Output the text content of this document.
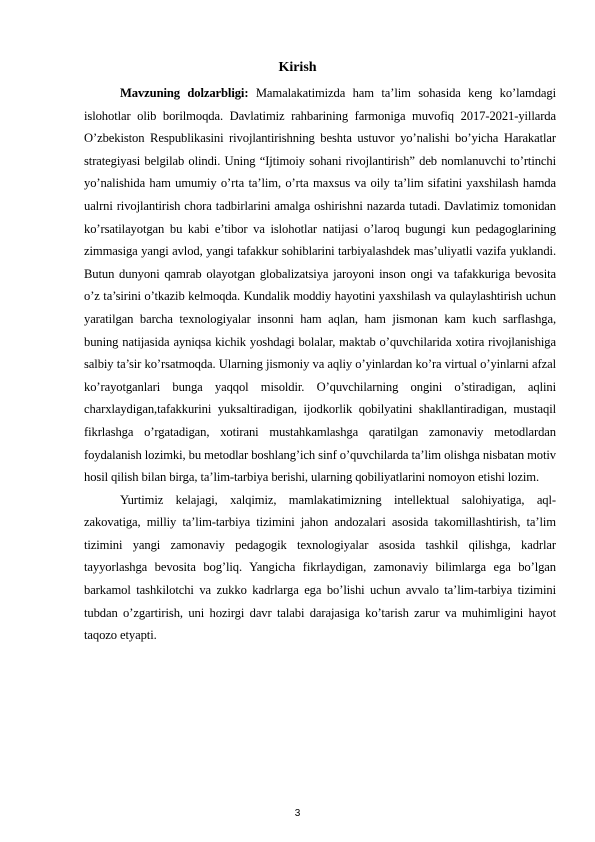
Kirish

Mavzuning dolzarbligi: Mamalakatimizda ham ta’lim sohasida keng ko’lamdagi islohotlar olib borilmoqda. Davlatimiz rahbarining farmoniga muvofiq 2017-2021-yillarda O’zbekiston Respublikasini rivojlantirishning beshta ustuvor yo’nalishi bo’yicha Harakatlar strategiyasi belgilab olindi. Uning “Ijtimoiy sohani rivojlantirish” deb nomlanuvchi to’rtinchi yo’nalishida ham umumiy o’rta ta’lim, o’rta maxsus va oily ta’lim sifatini yaxshilash hamda ualrni rivojlantirish chora tadbirlarini amalga oshirishni nazarda tutadi. Davlatimiz tomonidan ko’rsatilayotgan bu kabi e’tibor va islohotlar natijasi o’laroq bugungi kun pedagoglarining zimmasiga yangi avlod, yangi tafakkur sohiblarini tarbiyalashdek mas’uliyatli vazifa yuklandi. Butun dunyoni qamrab olayotgan globalizatsiya jaroyoni inson ongi va tafakkuriga bevosita o’z ta’sirini o’tkazib kelmoqda. Kundalik moddiy hayotini yaxshilash va qulaylashtirish uchun yaratilgan barcha texnologiyalar insonni ham aqlan, ham jismonan kam kuch sarflashga, buning natijasida ayniqsa kichik yoshdagi bolalar, maktab o’quvchilarida xotira rivojlanishiga salbiy ta’sir ko’rsatmoqda. Ularning jismoniy va aqliy o’yinlardan ko’ra virtual o’yinlarni afzal ko’rayotganlari bunga yaqqol misoldir. O’quvchilarning ongini o’stiradigan, aqlini charxlaydigan,tafakkurini yuksaltiradigan, ijodkorlik qobilyatini shakllantiradigan, mustaqil fikrlashga o’rgatadigan, xotirani mustahkamlashga qaratilgan zamonaviy metodlardan foydalanish lozimki, bu metodlar boshlang’ich sinf o’quvchilarda ta’lim olishga nisbatan motiv hosil qilish bilan birga, ta’lim-tarbiya berishi, ularning qobiliyatlarini nomoyon etishi lozim.

Yurtimiz kelajagi, xalqimiz, mamlakatimizning intellektual salohiyatiga, aql-zakovatiga, milliy ta’lim-tarbiya tizimini jahon andozalari asosida takomillashtirish, ta’lim tizimini yangi zamonaviy pedagogik texnologiyalar asosida tashkil qilishga, kadrlar tayyorlashga bevosita bog’liq. Yangicha fikrlaydigan, zamonaviy bilimlarga ega bo’lgan barkamol tashkilotchi va zukko kadrlarga ega bo’lishi uchun avvalo ta’lim-tarbiya tizimini tubdan o’zgartirish, uni hozirgi davr talabi darajasiga ko’tarish zarur va muhimligini hayot taqozo etyapti.

3
